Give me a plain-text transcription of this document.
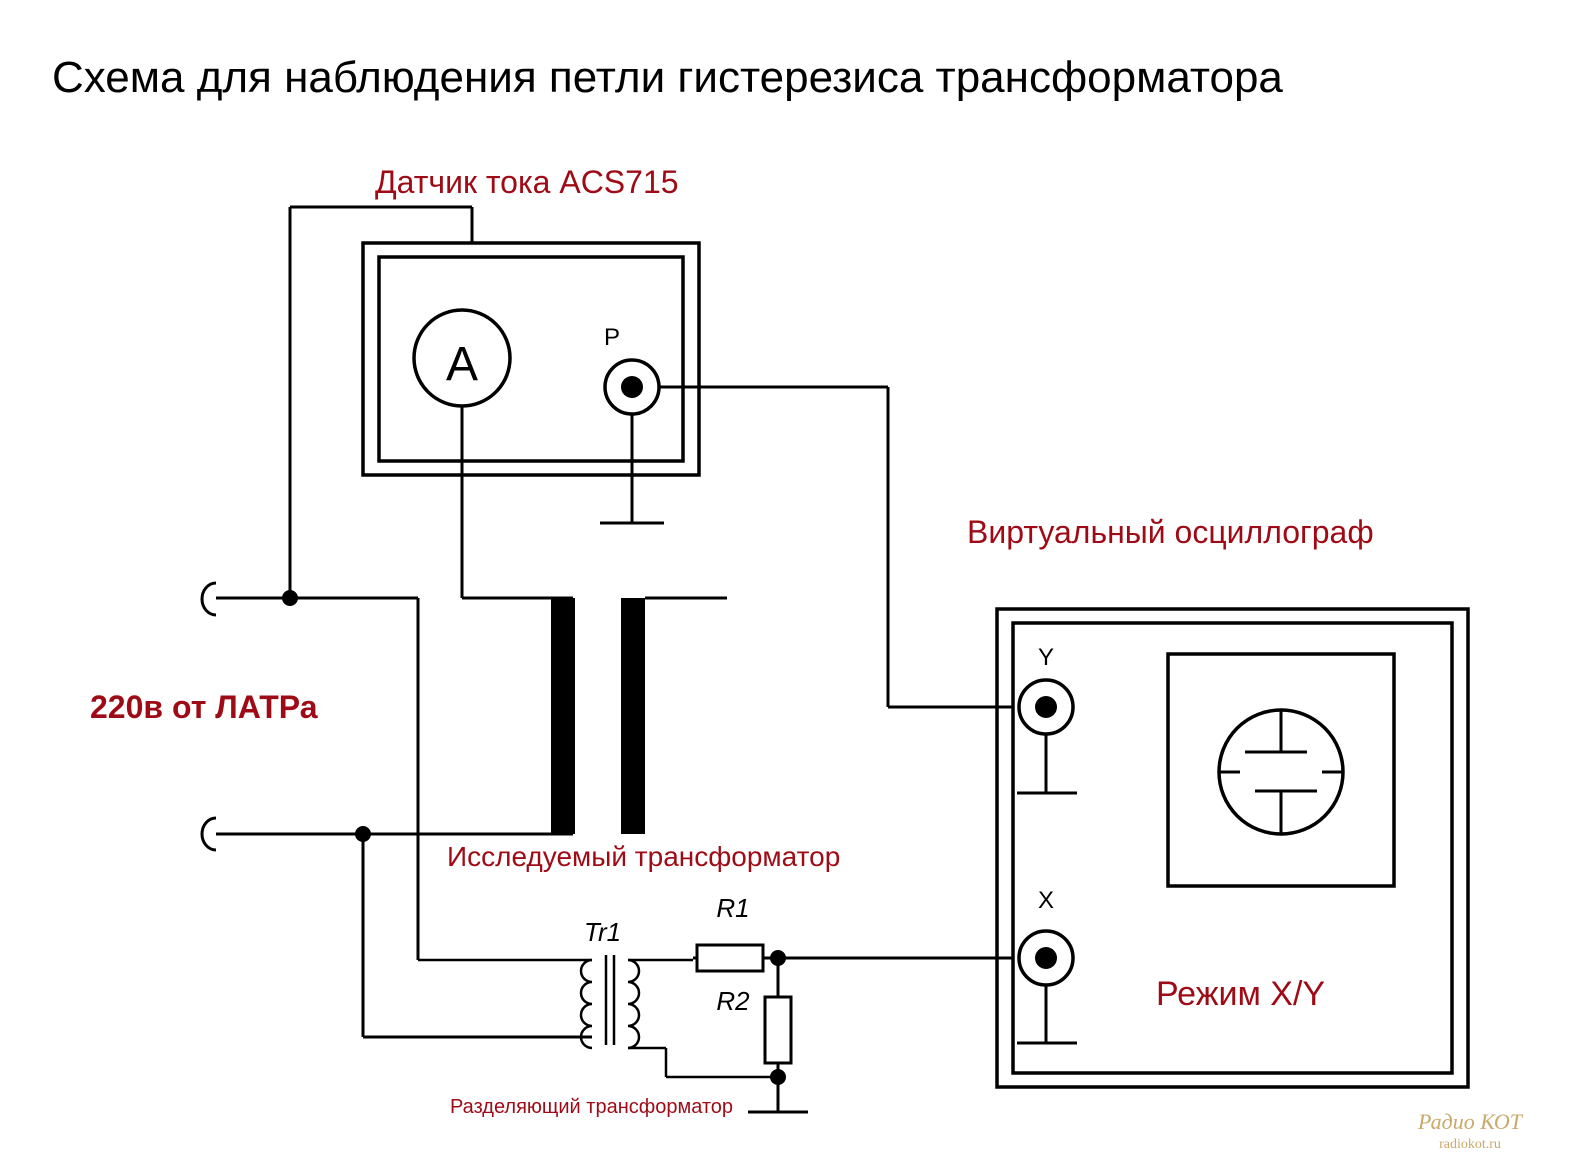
Схема для наблюдения петли гистерезиса трансформатора
Датчик тока ACS715
A
P
220в от ЛАТРа
Исследуемый трансформатор
Tr1
Разделяющий трансформатор
R1
R2
Виртуальный осциллограф
Y
X
Режим X/Y
Радио КОТ
radiokot.ru
